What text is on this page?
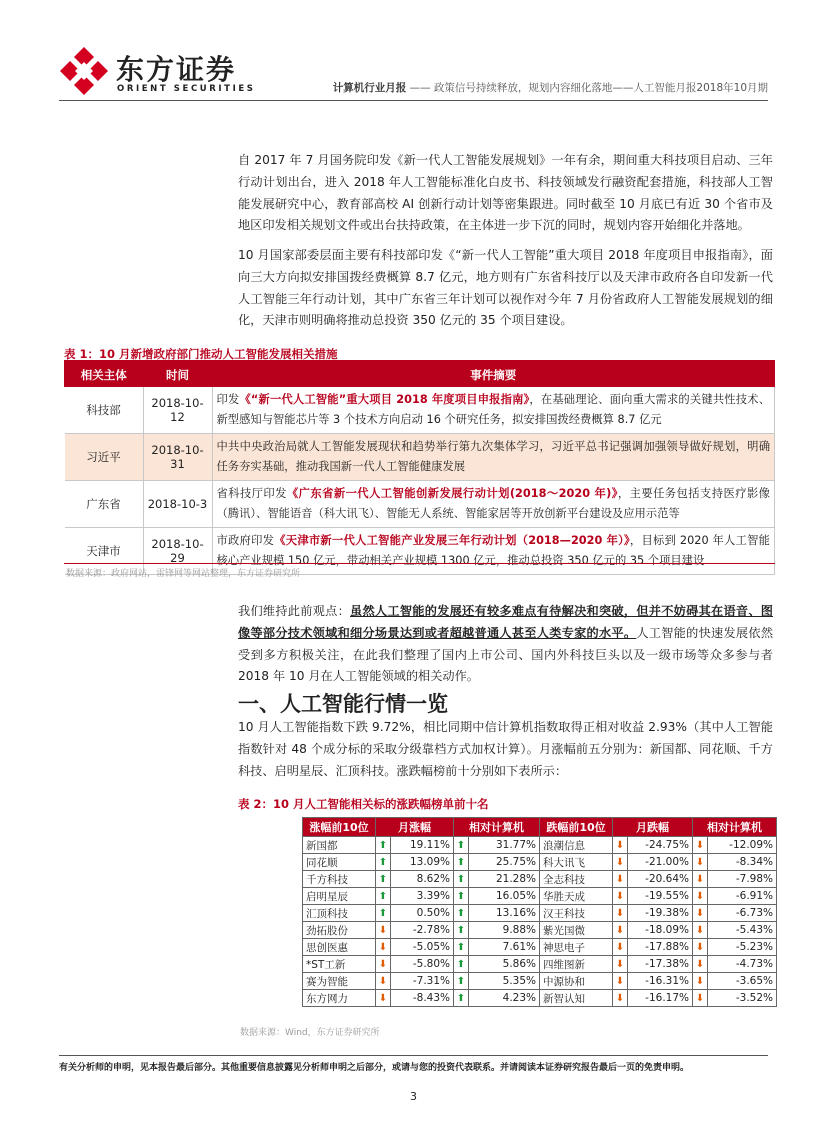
东方证券
ORIENT SECURITIES	计算机行业月报 —— 政策信号持续释放，规划内容细化落地——人工智能月报2018年10月期
自 2017 年 7 月国务院印发《新一代人工智能发展规划》一年有余，期间重大科技项目启动、三年行动计划出台，进入 2018 年人工智能标准化白皮书、科技领域发行融资配套措施，科技部人工智能发展研究中心，教育部高校 AI 创新行动计划等密集跟进。同时截至 10 月底已有近 30 个省市及地区印发相关规划文件或出台扶持政策，在主体进一步下沉的同时，规划内容开始细化并落地。
10 月国家部委层面主要有科技部印发《“新一代人工智能”重大项目 2018 年度项目申报指南》，面向三大方向拟安排国拨经费概算 8.7 亿元，地方则有广东省科技厅以及天津市政府各自印发新一代人工智能三年行动计划，其中广东省三年计划可以视作对今年 7 月份省政府人工智能发展规划的细化，天津市则明确将推动总投资 350 亿元的 35 个项目建设。
表 1：10 月新增政府部门推动人工智能发展相关措施
相关主体	时间	事件摘要
科技部	2018-10-12	印发《“新一代人工智能”重大项目 2018 年度项目申报指南》，在基础理论、面向重大需求的关键共性技术、新型感知与智能芯片等 3 个技术方向启动 16 个研究任务，拟安排国拨经费概算 8.7 亿元
习近平	2018-10-31	中共中央政治局就人工智能发展现状和趋势举行第九次集体学习，习近平总书记强调加强领导做好规划，明确任务夯实基础，推动我国新一代人工智能健康发展
广东省	2018-10-3	省科技厅印发《广东省新一代人工智能创新发展行动计划(2018～2020 年)》，主要任务包括支持医疗影像（腾讯）、智能语音（科大讯飞）、智能无人系统、智能家居等开放创新平台建设及应用示范等
天津市	2018-10-29	市政府印发《天津市新一代人工智能产业发展三年行动计划（2018—2020 年）》，目标到 2020 年人工智能核心产业规模 150 亿元，带动相关产业规模 1300 亿元，推动总投资 350 亿元的 35 个项目建设
数据来源：政府网站，雷锋网等网站整理，东方证券研究所
我们维持此前观点：虽然人工智能的发展还有较多难点有待解决和突破，但并不妨碍其在语音、图像等部分技术领域和细分场景达到或者超越普通人甚至人类专家的水平。人工智能的快速发展依然受到多方积极关注，在此我们整理了国内上市公司、国内外科技巨头以及一级市场等众多参与者 2018 年 10 月在人工智能领域的相关动作。
一、人工智能行情一览
10 月人工智能指数下跌 9.72%，相比同期中信计算机指数取得正相对收益 2.93%（其中人工智能指数针对 48 个成分标的采取分级靠档方式加权计算）。月涨幅前五分别为：新国都、同花顺、千方科技、启明星辰、汇顶科技。涨跌幅榜前十分别如下表所示：
表 2：10 月人工智能相关标的涨跌幅榜单前十名
涨幅前10位	月涨幅		相对计算机		跌幅前10位	月跌幅		相对计算机	
新国都	⬆	19.11%	⬆	31.77%	浪潮信息	⬇	-24.75%	⬇	-12.09%
同花顺	⬆	13.09%	⬆	25.75%	科大讯飞	⬇	-21.00%	⬇	-8.34%
千方科技	⬆	8.62%	⬆	21.28%	全志科技	⬇	-20.64%	⬇	-7.98%
启明星辰	⬆	3.39%	⬆	16.05%	华胜天成	⬇	-19.55%	⬇	-6.91%
汇顶科技	⬆	0.50%	⬆	13.16%	汉王科技	⬇	-19.38%	⬇	-6.73%
劲拓股份	⬇	-2.78%	⬆	9.88%	紫光国微	⬇	-18.09%	⬇	-5.43%
思创医惠	⬇	-5.05%	⬆	7.61%	神思电子	⬇	-17.88%	⬇	-5.23%
*ST工新	⬇	-5.80%	⬆	5.86%	四维图新	⬇	-17.38%	⬇	-4.73%
赛为智能	⬇	-7.31%	⬆	5.35%	中源协和	⬇	-16.31%	⬇	-3.65%
东方网力	⬇	-8.43%	⬆	4.23%	新智认知	⬇	-16.17%	⬇	-3.52%
数据来源：Wind，东方证券研究所
有关分析师的申明，见本报告最后部分。其他重要信息披露见分析师申明之后部分，或请与您的投资代表联系。并请阅读本证券研究报告最后一页的免责申明。
3
